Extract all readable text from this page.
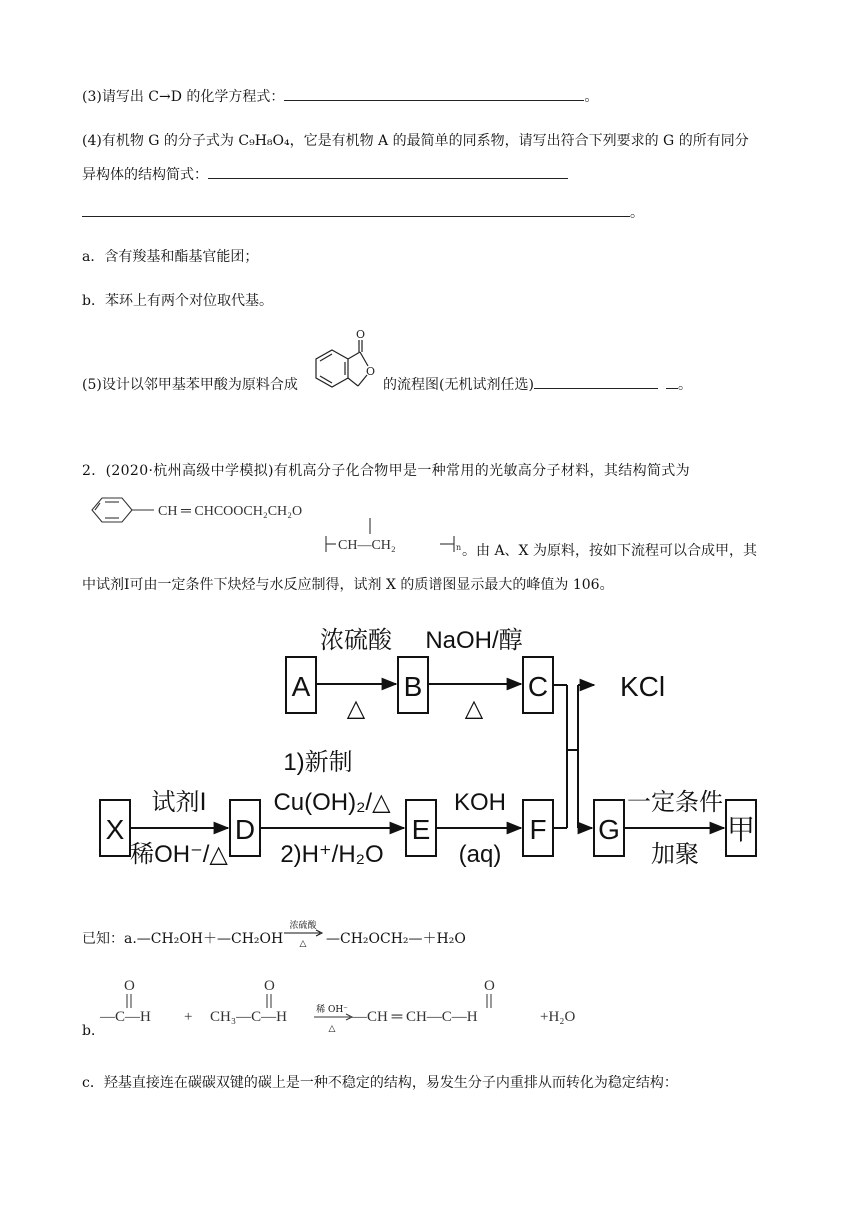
(3)请写出 C→D 的化学方程式：	。
(4)有机物 G 的分子式为 C₉H₈O₄，它是有机物 A 的最简单的同系物，请写出符合下列要求的 G 的所有同分
异构体的结构简式：
。
a．含有羧基和酯基官能团；
b．苯环上有两个对位取代基。
(5)设计以邻甲基苯甲酸为原料合成
O
O
的流程图(无机试剂任选)	。
2．(2020·杭州高级中学模拟)有机高分子化合物甲是一种常用的光敏高分子材料，其结构简式为
CH ═ CHCOOCH₂CH₂O
CH—CH₂	n 。由 A、X 为原料，按如下流程可以合成甲，其
中试剂Ⅰ可由一定条件下炔烃与水反应制得，试剂 X 的质谱图显示最大的峰值为 106。
A	B	C
X	D	E	F G	甲
KCl
浓硫酸
△
NaOH/醇
△
试剂Ⅰ
稀OH⁻/△
1)新制
Cu(OH)₂/△
2)H⁺/H₂O
KOH
(aq)
一定条件
加聚
已知：a.—CH₂OH＋—CH₂OH
浓硫酸
△ —CH₂OCH₂—＋H₂O
b．
O
—C—H +
O
CH₃—C—H
O
—CH ═ CH—C—H	+H₂O
稀 OH⁻
△
c．羟基直接连在碳碳双键的碳上是一种不稳定的结构，易发生分子内重排从而转化为稳定结构：
